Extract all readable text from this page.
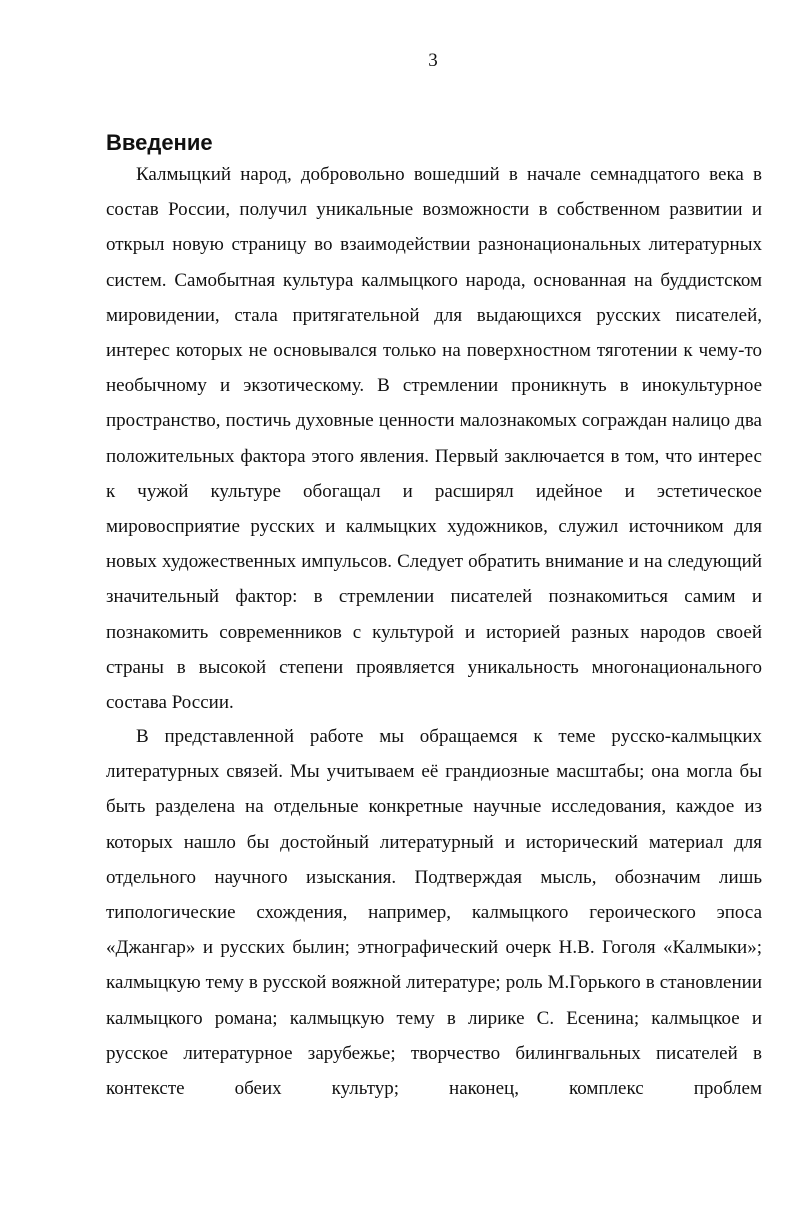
3
Введение

Калмыцкий народ, добровольно вошедший в начале семнадцатого века в состав России, получил уникальные возможности в собственном развитии и открыл новую страницу во взаимодействии разнонациональных литературных систем. Самобытная культура калмыцкого народа, основанная на буддистском мировидении, стала притягательной для выдающихся русских писателей, интерес которых не основывался только на поверхностном тяготении к чему-то необычному и экзотическому. В стремлении проникнуть в инокультурное пространство, постичь духовные ценности малознакомых сограждан налицо два положительных фактора этого явления. Первый заключается в том, что интерес к чужой культуре обогащал и расширял идейное и эстетическое мировосприятие русских и калмыцких художников, служил источником для новых художественных импульсов. Следует обратить внимание и на следующий значительный фактор: в стремлении писателей познакомиться самим и познакомить современников с культурой и историей разных народов своей страны в высокой степени проявляется уникальность многонационального состава России.

В представленной работе мы обращаемся к теме русско-калмыцких литературных связей. Мы учитываем её грандиозные масштабы; она могла бы быть разделена на отдельные конкретные научные исследования, каждое из которых нашло бы достойный литературный и исторический материал для отдельного научного изыскания. Подтверждая мысль, обозначим лишь типологические схождения, например, калмыцкого героического эпоса «Джангар» и русских былин; этнографический очерк Н.В. Гоголя «Калмыки»; калмыцкую тему в русской вояжной литературе; роль М.Горького в становлении калмыцкого романа; калмыцкую тему в лирике С. Есенина; калмыцкое и русское литературное зарубежье; творчество билингвальных писателей в контексте обеих культур; наконец, комплекс проблем
